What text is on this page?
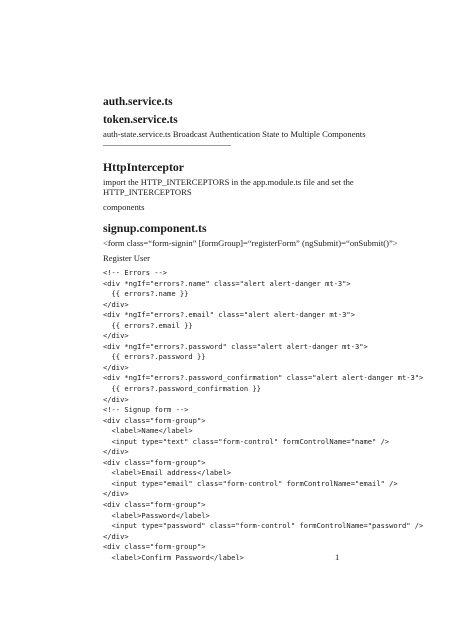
auth.service.ts
token.service.ts
auth-state.service.ts Broadcast Authentication State to Multiple Components
HttpInterceptor
import the HTTP_INTERCEPTORS in the app.module.ts file and set the
HTTP_INTERCEPTORS
components
signup.component.ts
<form class=“form-signin” [formGroup]=“registerForm” (ngSubmit)=“onSubmit()”>
Register User
<!-- Errors -->
<div *ngIf="errors?.name" class="alert alert-danger mt-3">
{{ errors?.name }}
</div>
<div *ngIf="errors?.email" class="alert alert-danger mt-3">
{{ errors?.email }}
</div>
<div *ngIf="errors?.password" class="alert alert-danger mt-3">
{{ errors?.password }}
</div>
<div *ngIf="errors?.password_confirmation" class="alert alert-danger mt-3">
{{ errors?.password_confirmation }}
</div>
<!-- Signup form -->
<div class="form-group">
<label>Name</label>
<input type="text" class="form-control" formControlName="name" />
</div>
<div class="form-group">
<label>Email address</label>
<input type="email" class="form-control" formControlName="email" />
</div>
<div class="form-group">
<label>Password</label>
<input type="password" class="form-control" formControlName="password" />
</div>
<div class="form-group">
<label>Confirm Password</label>	1
